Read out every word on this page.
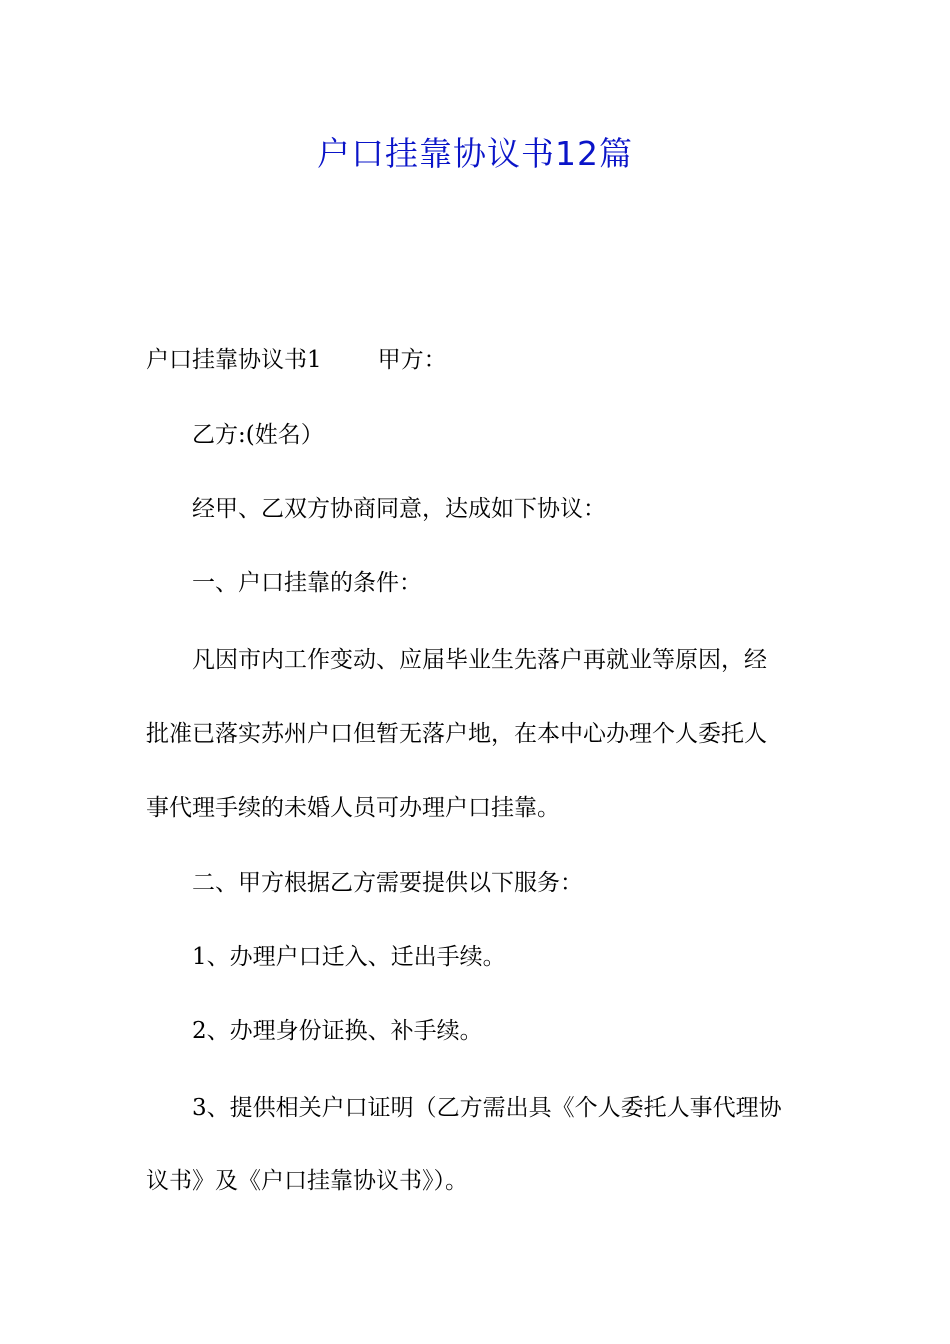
户口挂靠协议书12篇
户口挂靠协议书1 甲方：
乙方:(姓名）
经甲、乙双方协商同意，达成如下协议：
一、户口挂靠的条件：
凡因市内工作变动、应届毕业生先落户再就业等原因，经
批准已落实苏州户口但暂无落户地，在本中心办理个人委托人
事代理手续的未婚人员可办理户口挂靠。
二、甲方根据乙方需要提供以下服务：
1、办理户口迁入、迁出手续。
2、办理身份证换、补手续。
3、提供相关户口证明（乙方需出具《个人委托人事代理协
议书》及《户口挂靠协议书》）。
